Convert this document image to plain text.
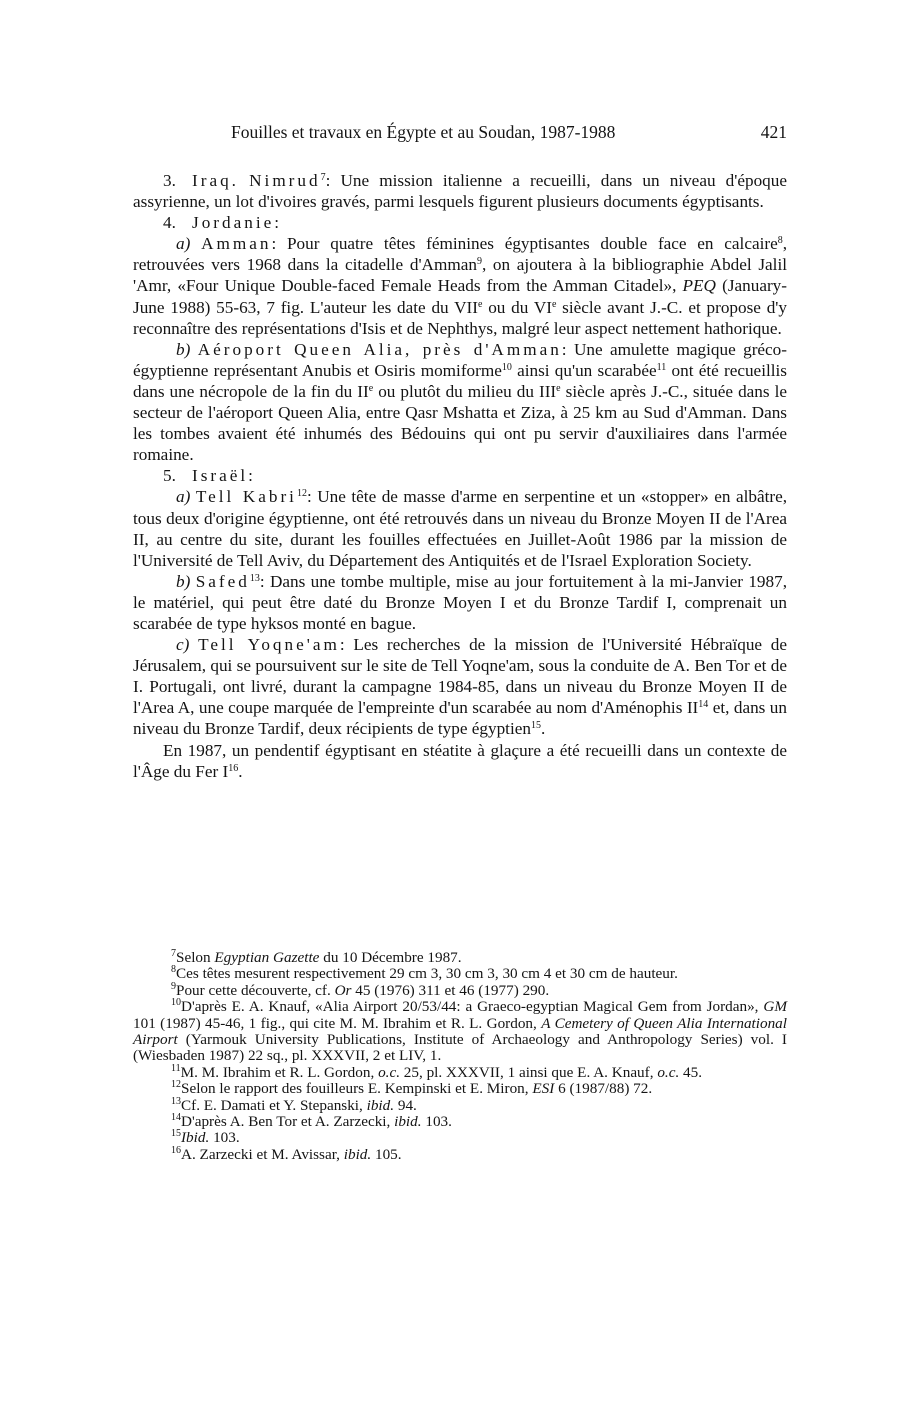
Fouilles et travaux en Égypte et au Soudan, 1987-1988	421

3. Iraq. Nimrud$^7$: Une mission italienne a recueilli, dans un niveau d'époque assyrienne, un lot d'ivoires gravés, parmi lesquels figurent plusieurs documents égyptisants.

4. Jordanie:

a) Amman: Pour quatre têtes féminines égyptisantes double face en calcaire$^8$, retrouvées vers 1968 dans la citadelle d'Amman$^9$, on ajoutera à la bibliographie Abdel Jalil 'Amr, «Four Unique Double-faced Female Heads from the Amman Citadel», PEQ (January-June 1988) 55-63, 7 fig. L'auteur les date du VIIe ou du VIe siècle avant J.-C. et propose d'y reconnaître des représentations d'Isis et de Nephthys, malgré leur aspect nettement hathorique.

b) Aéroport Queen Alia, près d'Amman: Une amulette magique gréco-égyptienne représentant Anubis et Osiris momiforme$^{10}$ ainsi qu'un scarabée$^{11}$ ont été recueillis dans une nécropole de la fin du IIe ou plutôt du milieu du IIIe siècle après J.-C., située dans le secteur de l'aéroport Queen Alia, entre Qasr Mshatta et Ziza, à 25 km au Sud d'Amman. Dans les tombes avaient été inhumés des Bédouins qui ont pu servir d'auxiliaires dans l'armée romaine.

5. Israël:

a) Tell Kabri$^{12}$: Une tête de masse d'arme en serpentine et un «stopper» en albâtre, tous deux d'origine égyptienne, ont été retrouvés dans un niveau du Bronze Moyen II de l'Area II, au centre du site, durant les fouilles effectuées en Juillet-Août 1986 par la mission de l'Université de Tell Aviv, du Département des Antiquités et de l'Israel Exploration Society.

b) Safed$^{13}$: Dans une tombe multiple, mise au jour fortuitement à la mi-Janvier 1987, le matériel, qui peut être daté du Bronze Moyen I et du Bronze Tardif I, comprenait un scarabée de type hyksos monté en bague.

c) Tell Yoqne'am: Les recherches de la mission de l'Université Hébraïque de Jérusalem, qui se poursuivent sur le site de Tell Yoqne'am, sous la conduite de A. Ben Tor et de I. Portugali, ont livré, durant la campagne 1984-85, dans un niveau du Bronze Moyen II de l'Area A, une coupe marquée de l'empreinte d'un scarabée au nom d'Aménophis II$^{14}$ et, dans un niveau du Bronze Tardif, deux récipients de type égyptien$^{15}$.

En 1987, un pendentif égyptisant en stéatite à glaçure a été recueilli dans un contexte de l'Âge du Fer $I^{16}$.

$^7$Selon Egyptian Gazette du 10 Décembre 1987.

$^8$Ces têtes mesurent respectivement 29 cm 3, 30 cm 3, 30 cm 4 et 30 cm de hauteur.

$^9$Pour cette découverte, cf. Or 45 (1976) 311 et 46 (1977) 290.

$^{10}$D'après E. A. Knauf, «Alia Airport 20/53/44: a Graeco-egyptian Magical Gem from Jordan», GM 101 (1987) 45-46, 1 fig., qui cite M. M. Ibrahim et R. L. Gordon, A Cemetery of Queen Alia International Airport (Yarmouk University Publications, Institute of Archaeology and Anthropology Series) vol. I (Wiesbaden 1987) 22 sq., pl. XXXVII, 2 et LIV, 1.

$^{11}$M. M. Ibrahim et R. L. Gordon, o.c. 25, pl. XXXVII, 1 ainsi que E. A. Knauf, o.c. 45.

$^{12}$Selon le rapport des fouilleurs E. Kempinski et E. Miron, ESI 6 (1987/88) 72.

$^{13}$Cf. E. Damati et Y. Stepanski, ibid. 94.

$^{14}$D'après A. Ben Tor et A. Zarzecki, ibid. 103.

$^{15}$Ibid. 103.

$^{16}$A. Zarzecki et M. Avissar, ibid. 105.
